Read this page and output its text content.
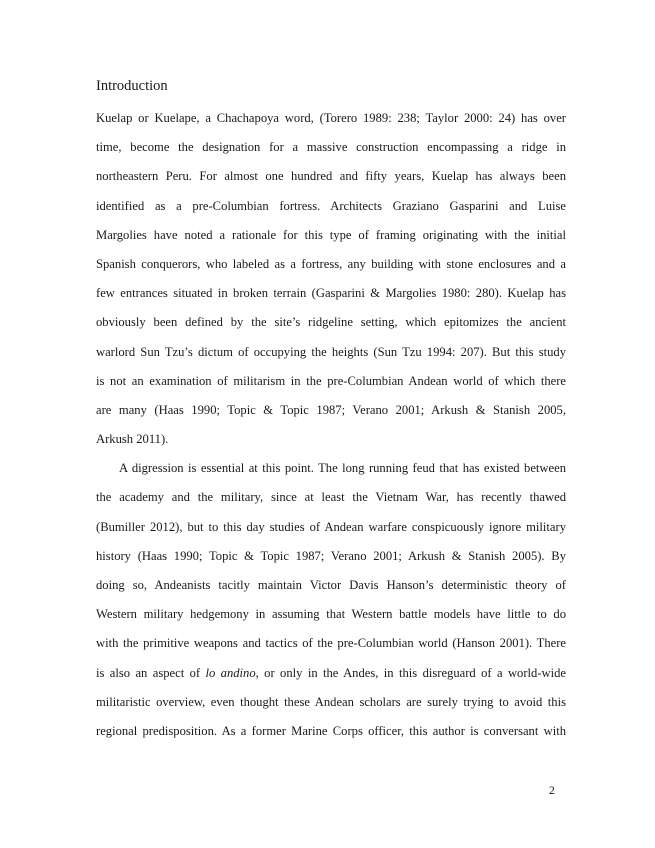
Introduction
Kuelap or Kuelape, a Chachapoya word, (Torero 1989: 238; Taylor 2000: 24) has over
time, become the designation for a massive construction encompassing a ridge in
northeastern Peru. For almost one hundred and fifty years, Kuelap has always been
identified as a pre-Columbian fortress. Architects Graziano Gasparini and Luise
Margolies have noted a rationale for this type of framing originating with the initial
Spanish conquerors, who labeled as a fortress, any building with stone enclosures and a
few entrances situated in broken terrain (Gasparini & Margolies 1980: 280). Kuelap has
obviously been defined by the site’s ridgeline setting, which epitomizes the ancient
warlord Sun Tzu’s dictum of occupying the heights (Sun Tzu 1994: 207). But this study
is not an examination of militarism in the pre-Columbian Andean world of which there
are many (Haas 1990; Topic & Topic 1987; Verano 2001; Arkush & Stanish 2005,
Arkush 2011).
A digression is essential at this point. The long running feud that has existed between
the academy and the military, since at least the Vietnam War, has recently thawed
(Bumiller 2012), but to this day studies of Andean warfare conspicuously ignore military
history (Haas 1990; Topic & Topic 1987; Verano 2001; Arkush & Stanish 2005). By
doing so, Andeanists tacitly maintain Victor Davis Hanson’s deterministic theory of
Western military hedgemony in assuming that Western battle models have little to do
with the primitive weapons and tactics of the pre-Columbian world (Hanson 2001). There
is also an aspect of lo andino, or only in the Andes, in this disreguard of a world-wide
militaristic overview, even thought these Andean scholars are surely trying to avoid this
regional predisposition. As a former Marine Corps officer, this author is conversant with
2
